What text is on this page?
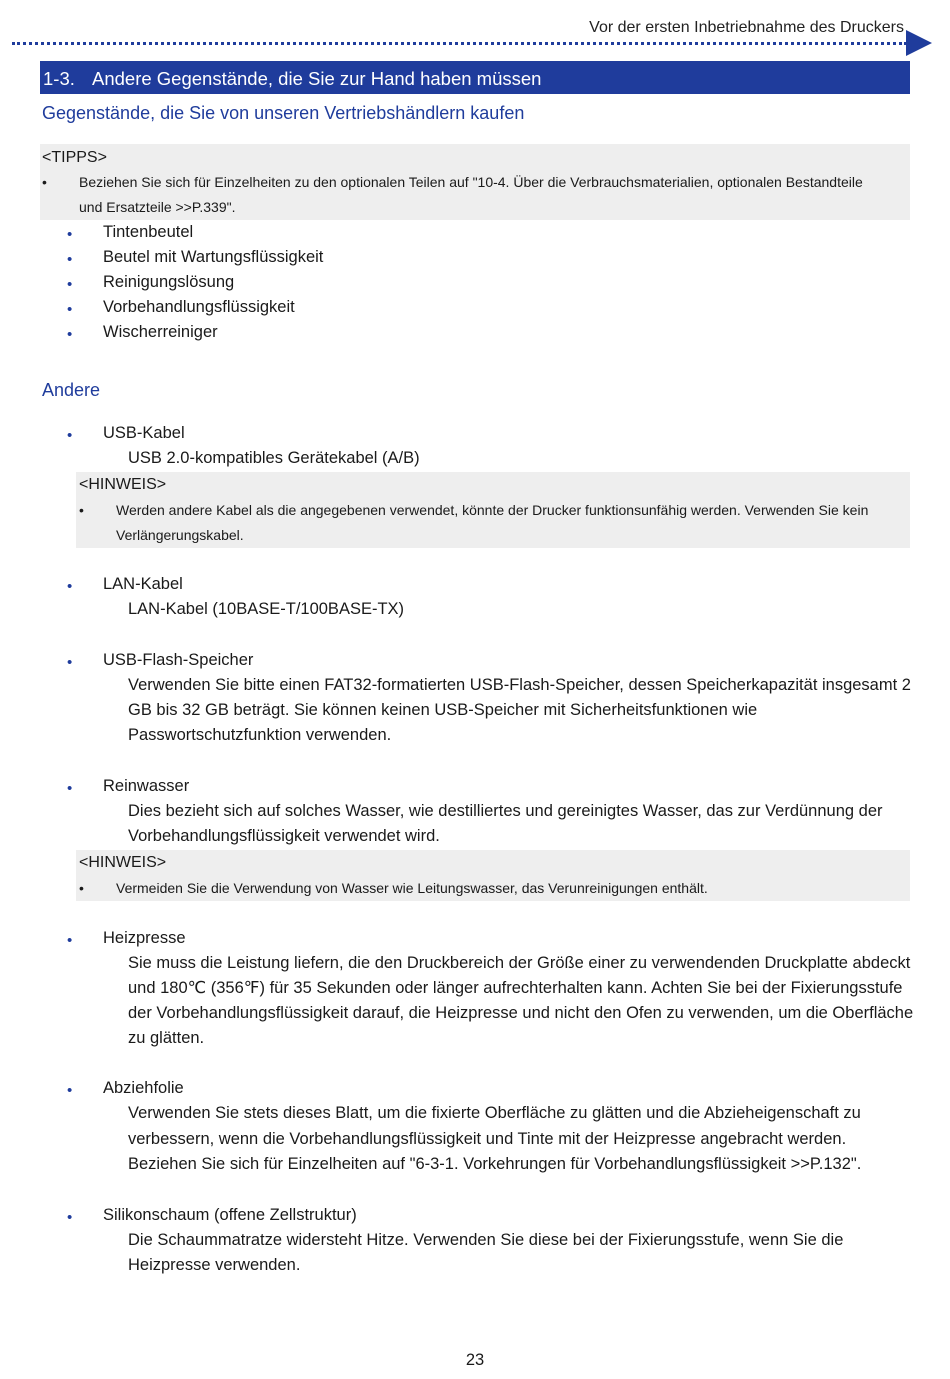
Vor der ersten Inbetriebnahme des Druckers
1-3. Andere Gegenstände, die Sie zur Hand haben müssen
Gegenstände, die Sie von unseren Vertriebshändlern kaufen
<TIPPS>
• Beziehen Sie sich für Einzelheiten zu den optionalen Teilen auf "10-4. Über die Verbrauchsmaterialien, optionalen Bestandteile
und Ersatzteile >>P.339".
• Tintenbeutel
• Beutel mit Wartungsflüssigkeit
• Reinigungslösung
• Vorbehandlungsflüssigkeit
• Wischerreiniger
Andere
• USB-Kabel
USB 2.0-kompatibles Gerätekabel (A/B)
<HINWEIS>
• Werden andere Kabel als die angegebenen verwendet, könnte der Drucker funktionsunfähig werden. Verwenden Sie kein
Verlängerungskabel.
• LAN-Kabel
LAN-Kabel (10BASE-T/100BASE-TX)
• USB-Flash-Speicher
Verwenden Sie bitte einen FAT32-formatierten USB-Flash-Speicher, dessen Speicherkapazität insgesamt 2
GB bis 32 GB beträgt. Sie können keinen USB-Speicher mit Sicherheitsfunktionen wie
Passwortschutzfunktion verwenden.
• Reinwasser
Dies bezieht sich auf solches Wasser, wie destilliertes und gereinigtes Wasser, das zur Verdünnung der
Vorbehandlungsflüssigkeit verwendet wird.
<HINWEIS>
• Vermeiden Sie die Verwendung von Wasser wie Leitungswasser, das Verunreinigungen enthält.
• Heizpresse
Sie muss die Leistung liefern, die den Druckbereich der Größe einer zu verwendenden Druckplatte abdeckt
und 180℃ (356℉) für 35 Sekunden oder länger aufrechterhalten kann. Achten Sie bei der Fixierungsstufe
der Vorbehandlungsflüssigkeit darauf, die Heizpresse und nicht den Ofen zu verwenden, um die Oberfläche
zu glätten.
• Abziehfolie
Verwenden Sie stets dieses Blatt, um die fixierte Oberfläche zu glätten und die Abzieheigenschaft zu
verbessern, wenn die Vorbehandlungsflüssigkeit und Tinte mit der Heizpresse angebracht werden.
Beziehen Sie sich für Einzelheiten auf "6-3-1. Vorkehrungen für Vorbehandlungsflüssigkeit >>P.132".
• Silikonschaum (offene Zellstruktur)
Die Schaummatratze widersteht Hitze. Verwenden Sie diese bei der Fixierungsstufe, wenn Sie die
Heizpresse verwenden.
23
